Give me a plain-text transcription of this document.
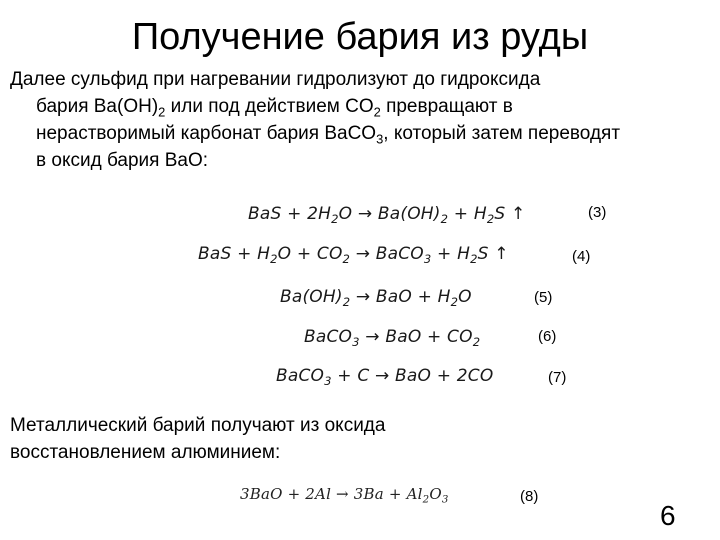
Получение бария из руды
Далее сульфид при нагревании гидролизуют до гидроксида
бария $Ba(OH)_2$ или под действием $CO_2$ превращают в
нерастворимый карбонат бария BaCO$_3$, который затем переводят
в оксид бария BaO:
BaS + $2H_2O \to Ba(OH)_2 + H_2S$ ↑	(3)
BaS + $H_2O + CO_2$ → BaCO$_3$ + $H_2S$ ↑	(4)
$Ba(OH)_2$ → BaO + $H_2O$	(5)
BaCO$_3$ → BaO + $CO_2$	(6)
BaCO$_3$ + C → BaO + 2CO	(7)
Металлический барий получают из оксида
восстановлением алюминием:
$3BaO + 2Al \to 3Ba + Al_2O_3$	(8)
6
